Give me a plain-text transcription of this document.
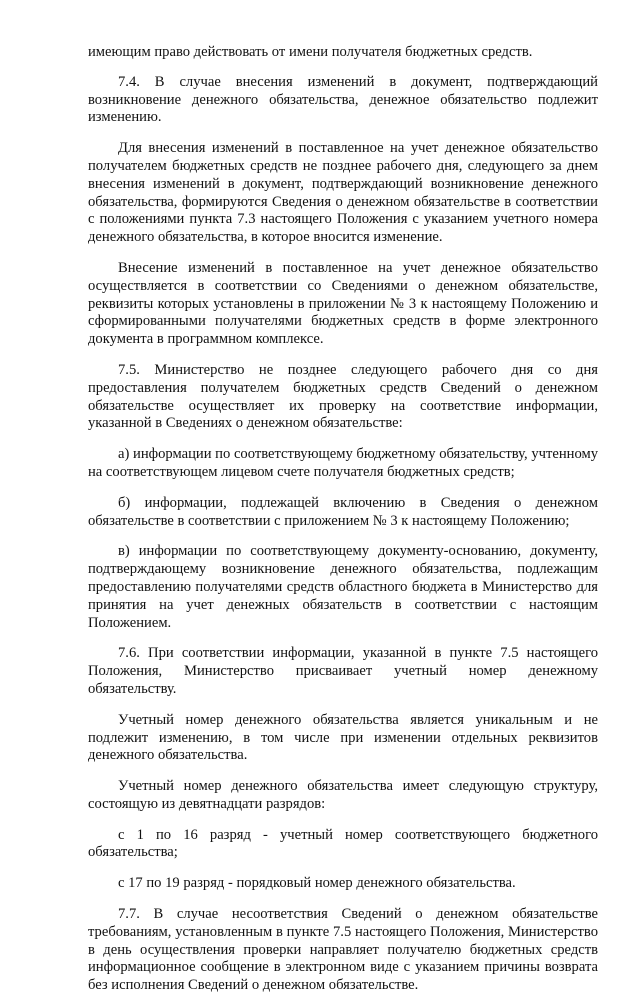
имеющим право действовать от имени получателя бюджетных средств.

7.4. В случае внесения изменений в документ, подтверждающий возникновение денежного обязательства, денежное обязательство подлежит изменению.

Для внесения изменений в поставленное на учет денежное обязательство получателем бюджетных средств не позднее рабочего дня, следующего за днем внесения изменений в документ, подтверждающий возникновение денежного обязательства, формируются Сведения о денежном обязательстве в соответствии с положениями пункта 7.3 настоящего Положения с указанием учетного номера денежного обязательства, в которое вносится изменение.

Внесение изменений в поставленное на учет денежное обязательство осуществляется в соответствии со Сведениями о денежном обязательстве, реквизиты которых установлены в приложении № 3 к настоящему Положению и сформированными получателями бюджетных средств в форме электронного документа в программном комплексе.

7.5. Министерство не позднее следующего рабочего дня со дня предоставления получателем бюджетных средств Сведений о денежном обязательстве осуществляет их проверку на соответствие информации, указанной в Сведениях о денежном обязательстве:

а) информации по соответствующему бюджетному обязательству, учтенному на соответствующем лицевом счете получателя бюджетных средств;

б) информации, подлежащей включению в Сведения о денежном обязательстве в соответствии с приложением № 3 к настоящему Положению;

в) информации по соответствующему документу-основанию, документу, подтверждающему возникновение денежного обязательства, подлежащим предоставлению получателями средств областного бюджета в Министерство для принятия на учет денежных обязательств в соответствии с настоящим Положением.

7.6. При соответствии информации, указанной в пункте 7.5 настоящего Положения, Министерство присваивает учетный номер денежному обязательству.

Учетный номер денежного обязательства является уникальным и не подлежит изменению, в том числе при изменении отдельных реквизитов денежного обязательства.

Учетный номер денежного обязательства имеет следующую структуру, состоящую из девятнадцати разрядов:

с 1 по 16 разряд - учетный номер соответствующего бюджетного обязательства;

с 17 по 19 разряд - порядковый номер денежного обязательства.

7.7. В случае несоответствия Сведений о денежном обязательстве требованиям, установленным в пункте 7.5 настоящего Положения, Министерство в день осуществления проверки направляет получателю бюджетных средств информационное сообщение в электронном виде с указанием причины возврата без исполнения Сведений о денежном обязательстве.
